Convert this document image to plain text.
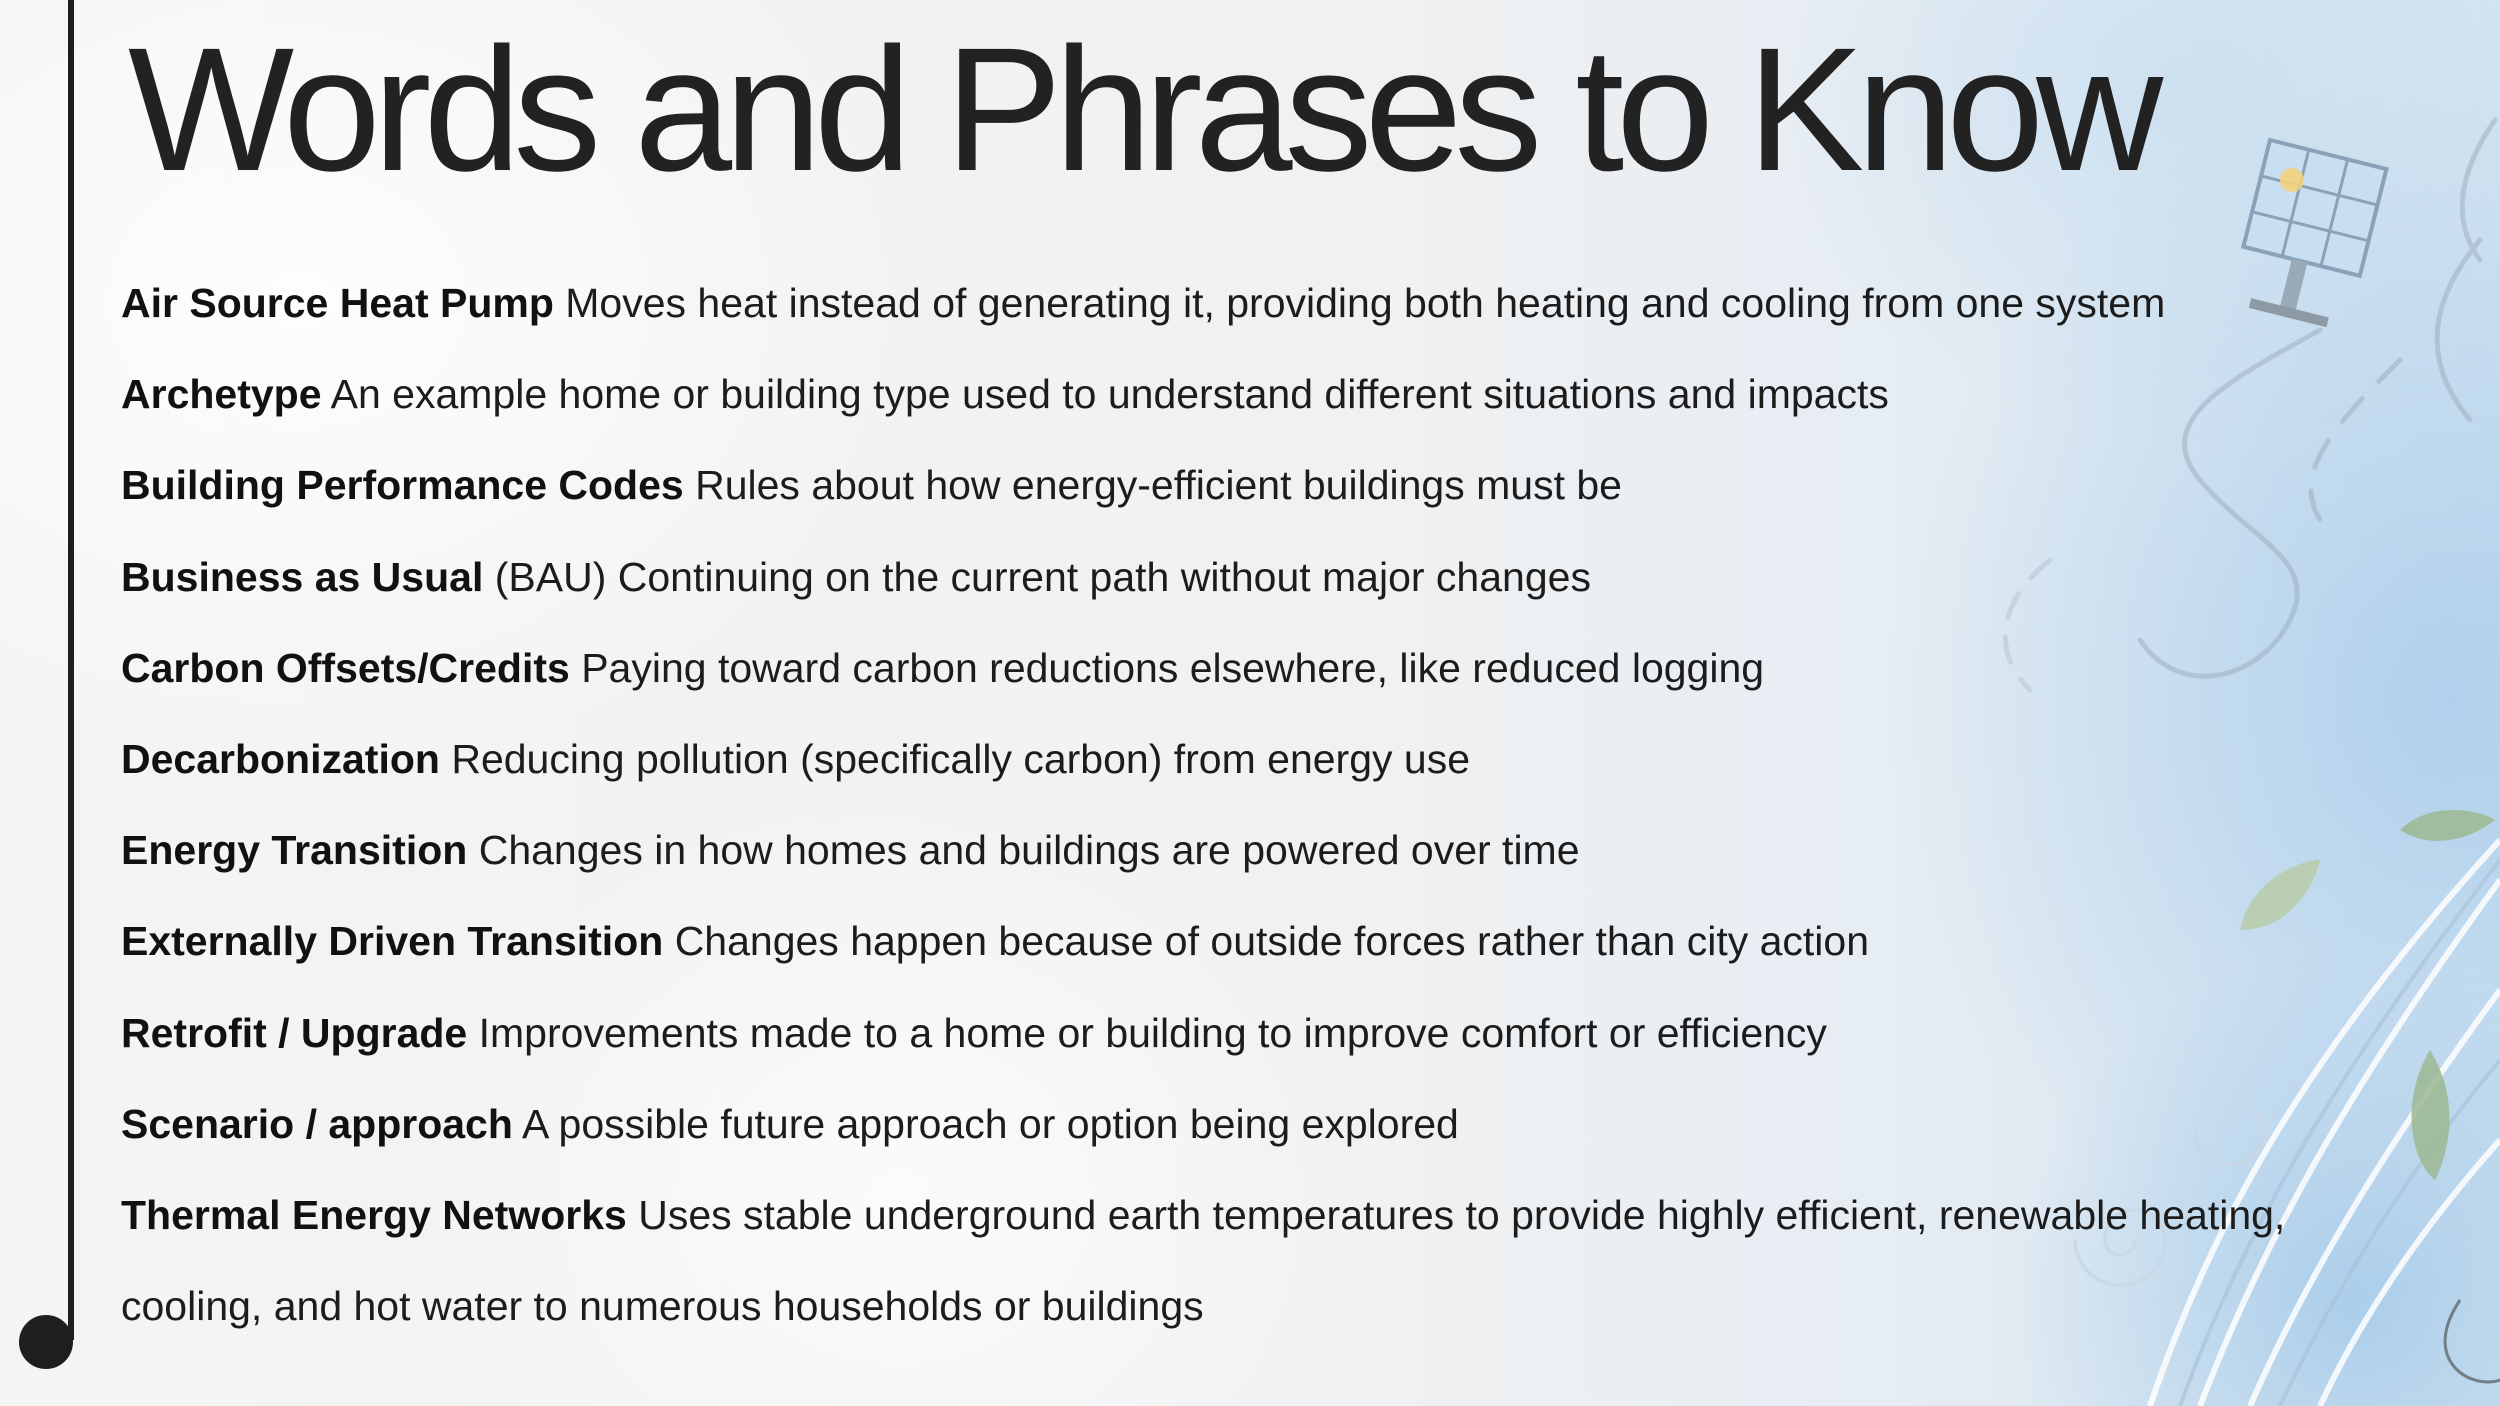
Words and Phrases to Know
Air Source Heat Pump Moves heat instead of generating it, providing both heating and cooling from one system
Archetype An example home or building type used to understand different situations and impacts
Building Performance Codes Rules about how energy-efficient buildings must be
Business as Usual (BAU) Continuing on the current path without major changes
Carbon Offsets/Credits Paying toward carbon reductions elsewhere, like reduced logging
Decarbonization Reducing pollution (specifically carbon) from energy use
Energy Transition Changes in how homes and buildings are powered over time
Externally Driven Transition Changes happen because of outside forces rather than city action
Retrofit / Upgrade Improvements made to a home or building to improve comfort or efficiency
Scenario / approach A possible future approach or option being explored
Thermal Energy Networks Uses stable underground earth temperatures to provide highly efficient, renewable heating, cooling, and hot water to numerous households or buildings
